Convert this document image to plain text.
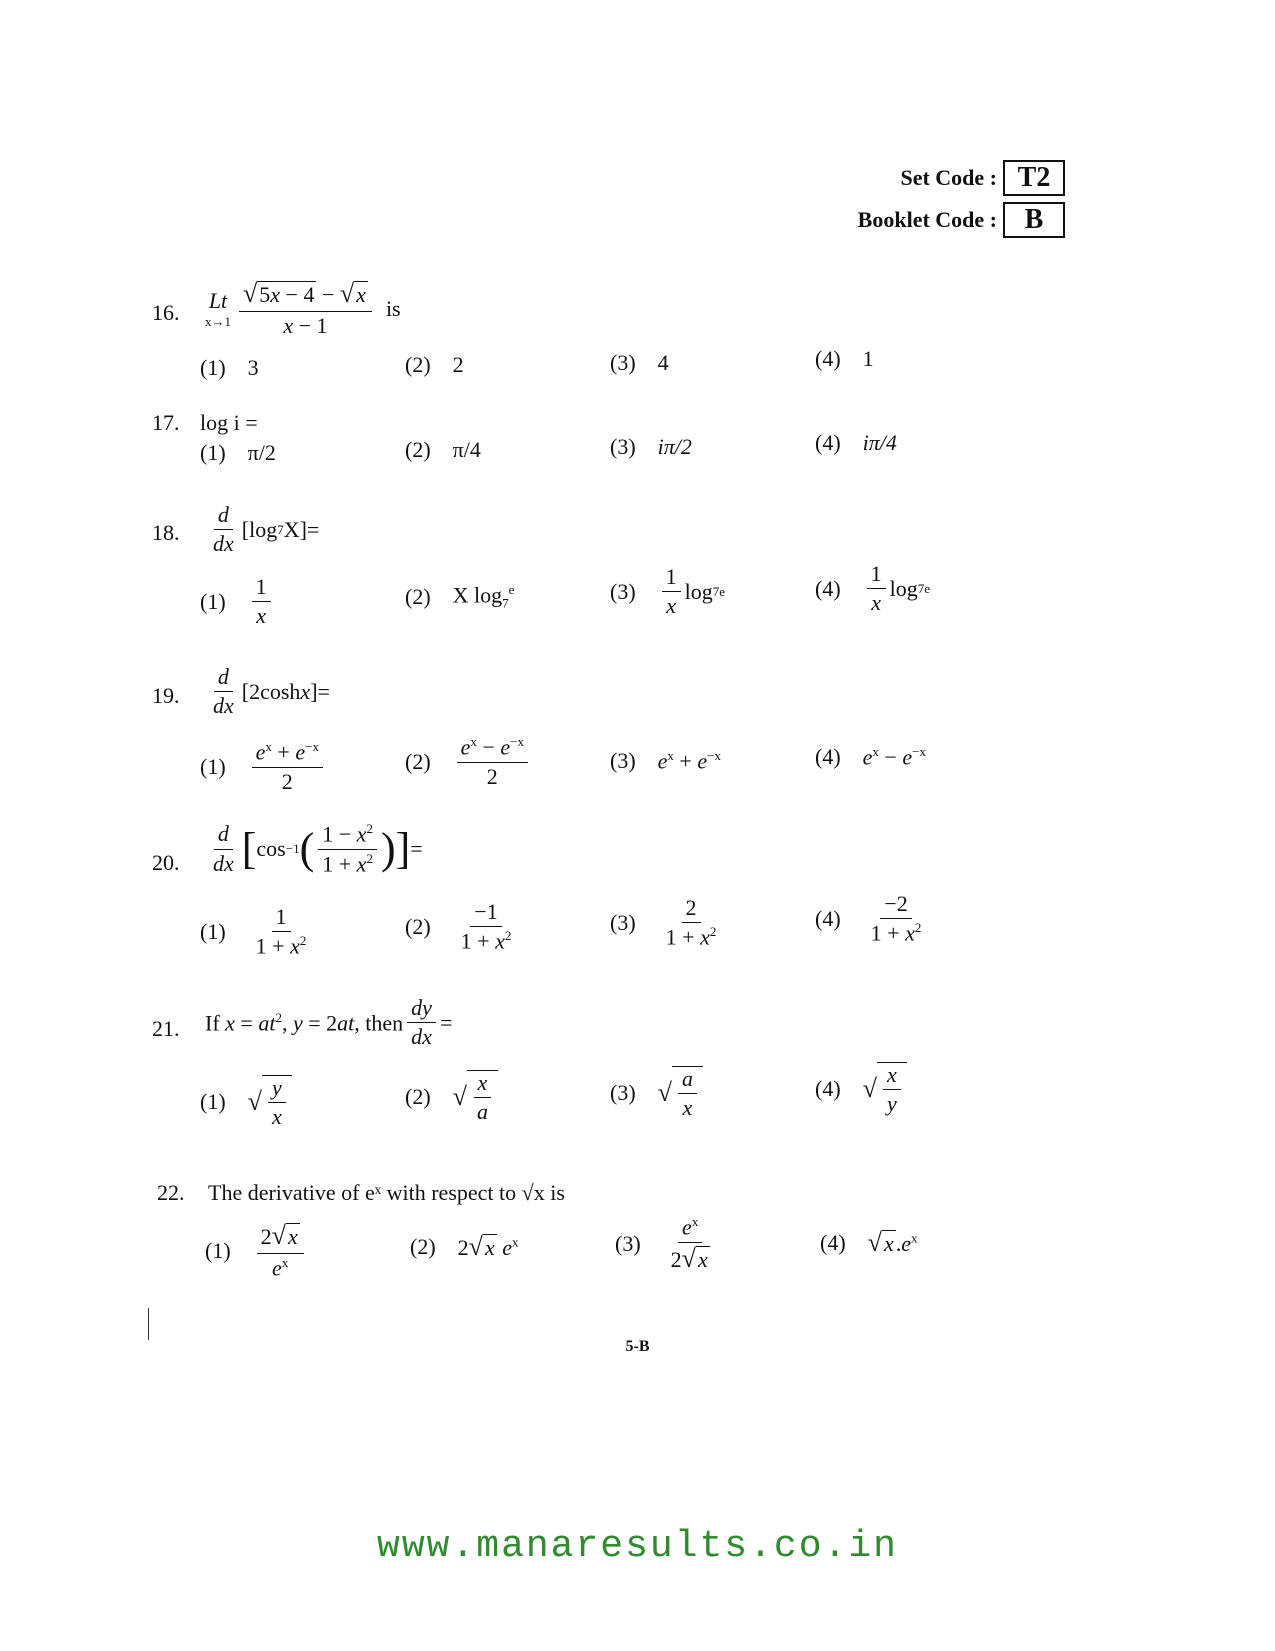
Set Code : T2
Booklet Code : B
16. Lt
$x\to 1 \frac{√5x - 4 - √x}{x - 1}$ is
(1) 3	(2) 2	(3) 4	(4) 1
17. log i =
(1) π/2	(2) π/4	(3) iπ/2	(4) iπ/4
18. $\frac{d}{dx} [\log$ 7 X]=
$(1) \frac{1}{x}$	(2) X $\log_7^e$	$(3) \frac{1}{x}$ log 7 e	$(4) \frac{1}{x}$ log 7 e
19. $\frac{d}{dx} [2\cosh$ x ]=
$(1) \frac{e^x + e^{-x}}{2}$	$(2) \frac{e^x - e^{-x}}{2}$	(3) $e^x + e^{-x}$	(4) $e^x - e^{-x}$
20. $\frac{d}{dx}$ [ cos −1 ( $\frac{1 - x^2}{1 + x^2}$ ) ] =
$(1) \frac{1}{1 + x^2}$	$(2) \frac{-1}{1 + x^2}$	$(3) \frac{2}{1 + x^2}$	$(4) \frac{-2}{1 + x^2}$
21. If $x = at^2$, y = 2at, then $\frac{dy}{dx}$ =
(1) √ $\frac{y}{x}$	(2) √ $\frac{x}{a}$	(3) √ $\frac{a}{x}$	(4) √ $\frac{x}{y}$
22. The derivative of eˣ with respect to √x is
$(1) \frac{2√x}{e^x}$	(2) 2√x $e^x$	$(3) \frac{e^x}{2√x}$	(4) $√x.e^x$
5-B
www.manaresults.co.in
